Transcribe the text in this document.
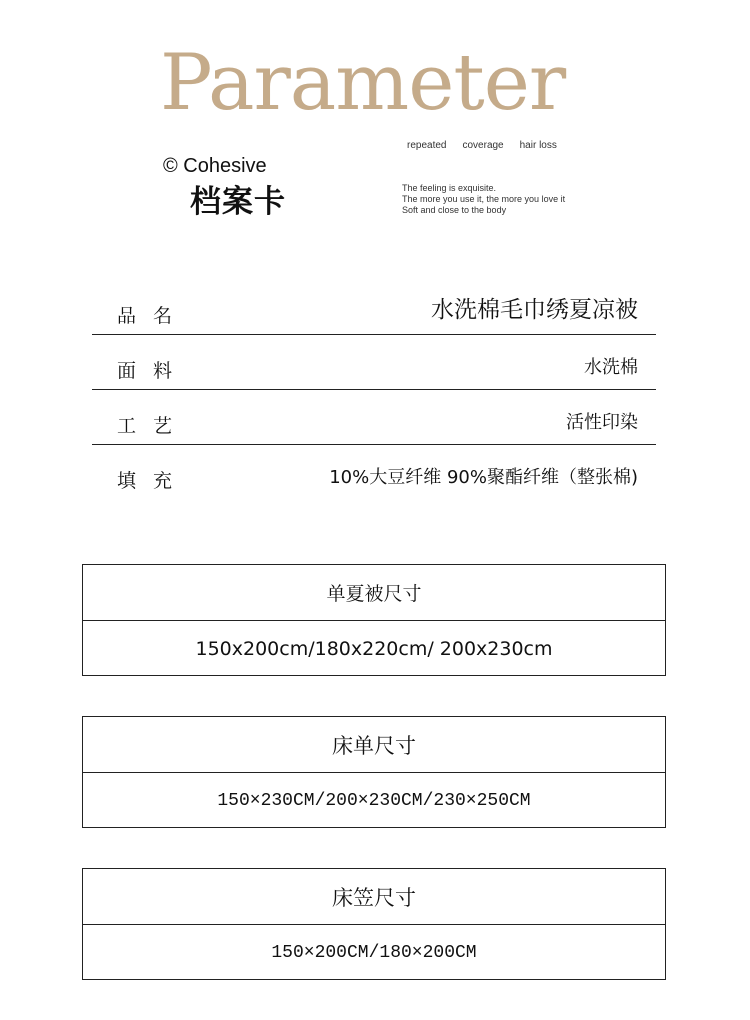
Parameter
© Cohesive
档案卡
repeated coverage hair loss
The feeling is exquisite.
The more you use it, the more you love it
Soft and close to the body
品名	水洗棉毛巾绣夏凉被
面料	水洗棉
工艺	活性印染
填充	10%大豆纤维 90%聚酯纤维（整张棉)
单夏被尺寸
150x200cm/180x220cm/ 200x230cm
床单尺寸
150×230CM/200×230CM/230×250CM
床笠尺寸
150×200CM/180×200CM
